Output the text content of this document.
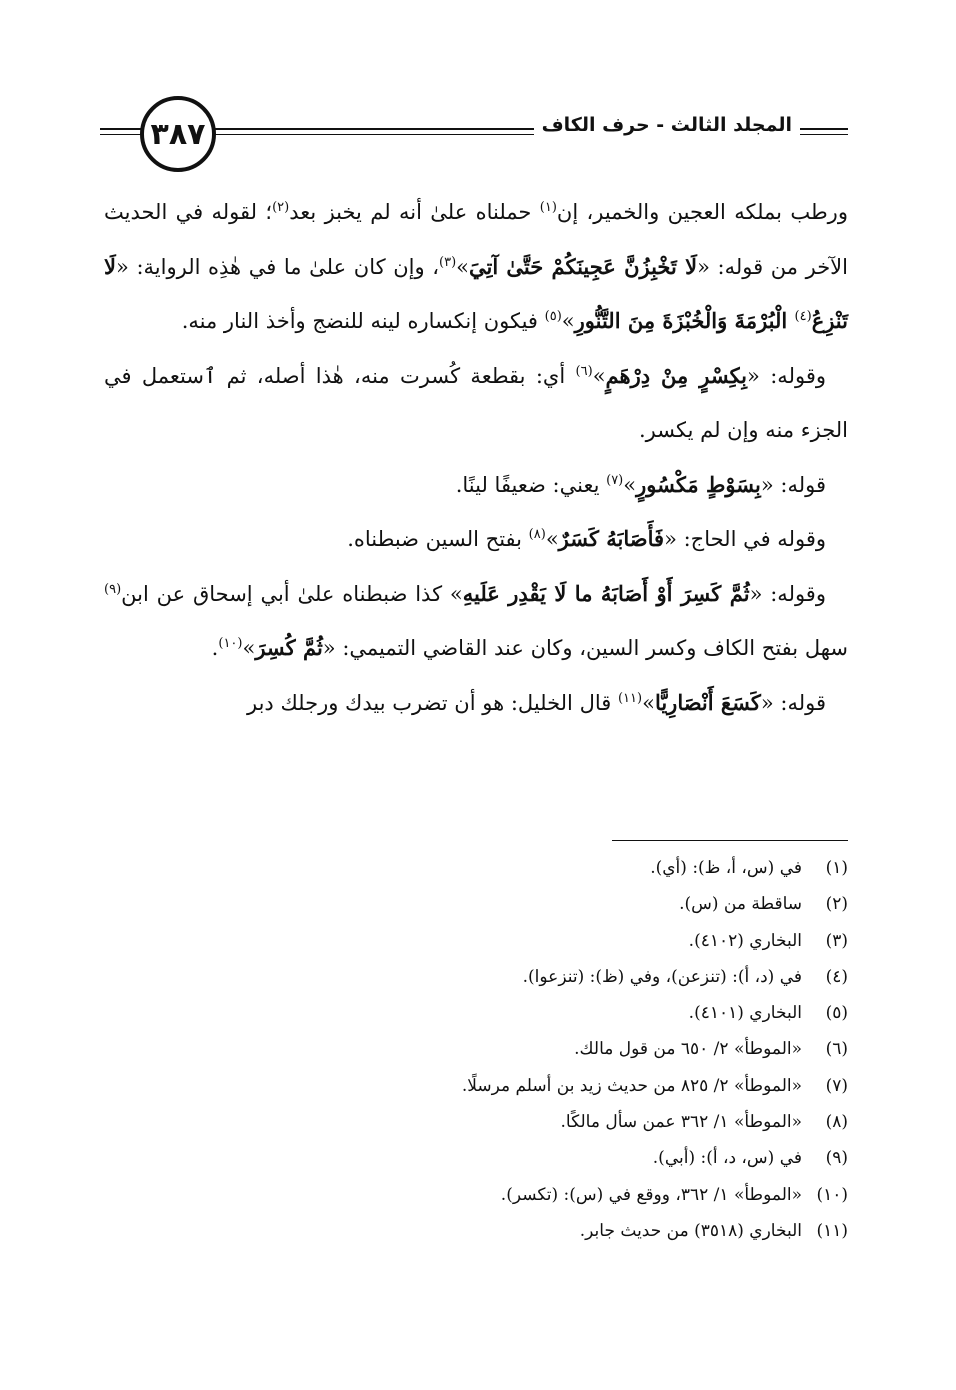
٣٨٧	المجلد الثالث - حرف الكاف

ورطب بملكه العجين والخمير، إن$^{(١)}$ حملناه علىٰ أنه لم يخبز بعد$^{(٢)}$؛ لقوله في الحديث الآخر من قوله: «لَا تَخْبِزُنَّ عَجِينَكُمْ حَتَّىٰ آتِيَ»$^{(٣)}$، وإن كان علىٰ ما في هٰذِه الرواية: «لَا تَنْزِعُ$^{(٤)}$ الْبُرْمَةَ وَالْخُبْزَةَ مِنَ التَّنُّورِ»$^{(٥)}$ فيكون إنكساره لينه للنضج وأخذ النار منه.

وقوله: «بِكِسْرٍ مِنْ دِرْهَمٍ»$^{(٦)}$ أي: بقطعة كُسرت منه، هٰذا أصله، ثم ٱستعمل في الجزء منه وإن لم يكسر.

قوله: «بِسَوْطٍ مَكْسُورٍ»$^{(٧)}$ يعني: ضعيفًا لينًا.

وقوله في الحاج: «فَأَصَابَهُ كَسَرٌ»$^{(٨)}$ بفتح السين ضبطناه.

وقوله: «ثُمَّ كَسِرَ أَوْ أَصَابَهُ ما لَا يَقْدِر عَلَيهِ» كذا ضبطناه علىٰ أبي إسحاق عن ابن$^{(٩)}$ سهل بفتح الكاف وكسر السين، وكان عند القاضي التميمي: «ثُمَّ كُسِرَ»$^{(١٠)}$.

قوله: «كَسَعَ أَنْصَارِيًّا»$^{(١١)}$ قال الخليل: هو أن تضرب بيدك ورجلك دبر

(١)
في (س، أ، ظ): (أي).
(٢)
ساقطة من (س).
(٣)
البخاري (٤١٠٢).
(٤)
في (د، أ): (تنزعن)، وفي (ظ): (تنزعوا).
(٥)
البخاري (٤١٠١).
(٦)
«الموطأ» ٢/ ٦٥٠ من قول مالك.
(٧)
«الموطأ» ٢/ ٨٢٥ من حديث زيد بن أسلم مرسلًا.
(٨)
«الموطأ» ١/ ٣٦٢ عمن سأل مالكًا.
(٩)
في (س، د، أ): (أبي).
(١٠)
«الموطأ» ١/ ٣٦٢، ووقع في (س): (تكسر).
(١١)
البخاري (٣٥١٨) من حديث جابر.
